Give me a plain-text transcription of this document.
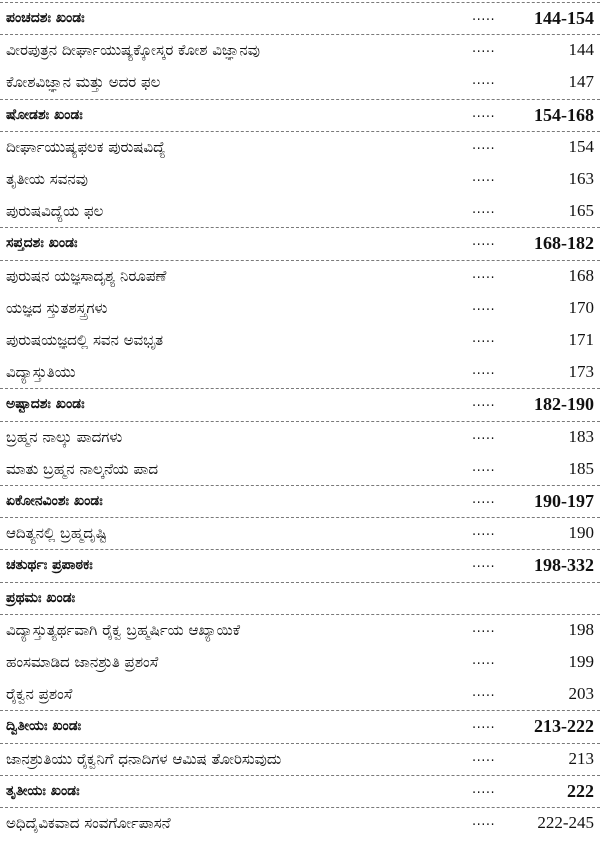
ಪಂಚದಶಃ ಖಂಡಃ	..... 144-154
ವೀರಪುತ್ರನ ದೀರ್ಘಾಯುಷ್ಯಕ್ಕೋಸ್ಕರ ಕೋಶ ವಿಜ್ಞಾನವು	.....	144
ಕೋಶವಿಜ್ಞಾನ ಮತ್ತು ಅದರ ಫಲ	.....	147
ಷೋಡಶಃ ಖಂಡಃ	..... 154-168
ದೀರ್ಘಾಯುಷ್ಯಫಲಕ ಪುರುಷವಿದ್ಯೆ	.....	154
ತೃತೀಯ ಸವನವು	.....	163
ಪುರುಷವಿದ್ಯೆಯ ಫಲ	.....	165
ಸಪ್ತದಶಃ ಖಂಡಃ	..... 168-182
ಪುರುಷನ ಯಜ್ಞಸಾದೃಶ್ಯ ನಿರೂಪಣೆ	.....	168
ಯಜ್ಞದ ಸ್ತುತಶಸ್ತ್ರಗಳು	.....	170
ಪುರುಷಯಜ್ಞದಲ್ಲಿ ಸವನ ಅವಭೃತ	.....	171
ವಿದ್ಯಾಸ್ತುತಿಯು	.....	173
ಅಷ್ಟಾದಶಃ ಖಂಡಃ	..... 182-190
ಬ್ರಹ್ಮನ ನಾಲ್ಕು ಪಾದಗಳು	.....	183
ಮಾತು ಬ್ರಹ್ಮನ ನಾಲ್ಕನೆಯ ಪಾದ	.....	185
ಏಕೋನವಿಂಶಃ ಖಂಡಃ	..... 190-197
ಆದಿತ್ಯನಲ್ಲಿ ಬ್ರಹ್ಮದೃಷ್ಟಿ	.....	190
ಚತುರ್ಥಃ ಪ್ರಪಾಠಕಃ	..... 198-332
ಪ್ರಥಮಃ ಖಂಡಃ
ವಿದ್ಯಾಸ್ತುತ್ಯರ್ಥವಾಗಿ ರೈಕ್ವ ಬ್ರಹ್ಮರ್ಷಿಯ ಆಖ್ಯಾಯಿಕೆ	.....	198
ಹಂಸಮಾಡಿದ ಜಾನಶ್ರುತಿ ಪ್ರಶಂಸೆ	.....	199
ರೈಕ್ವನ ಪ್ರಶಂಸೆ	.....	203
ದ್ವಿತೀಯಃ ಖಂಡಃ	..... 213-222
ಜಾನಶ್ರುತಿಯು ರೈಕ್ವನಿಗೆ ಧನಾದಿಗಳ ಆಮಿಷ ತೋರಿಸುವುದು	.....	213
ತೃತೀಯಃ ಖಂಡಃ	.....	222
ಅಧಿದೈವಿಕವಾದ ಸಂವರ್ಗೋಪಾಸನೆ	..... 222-245
